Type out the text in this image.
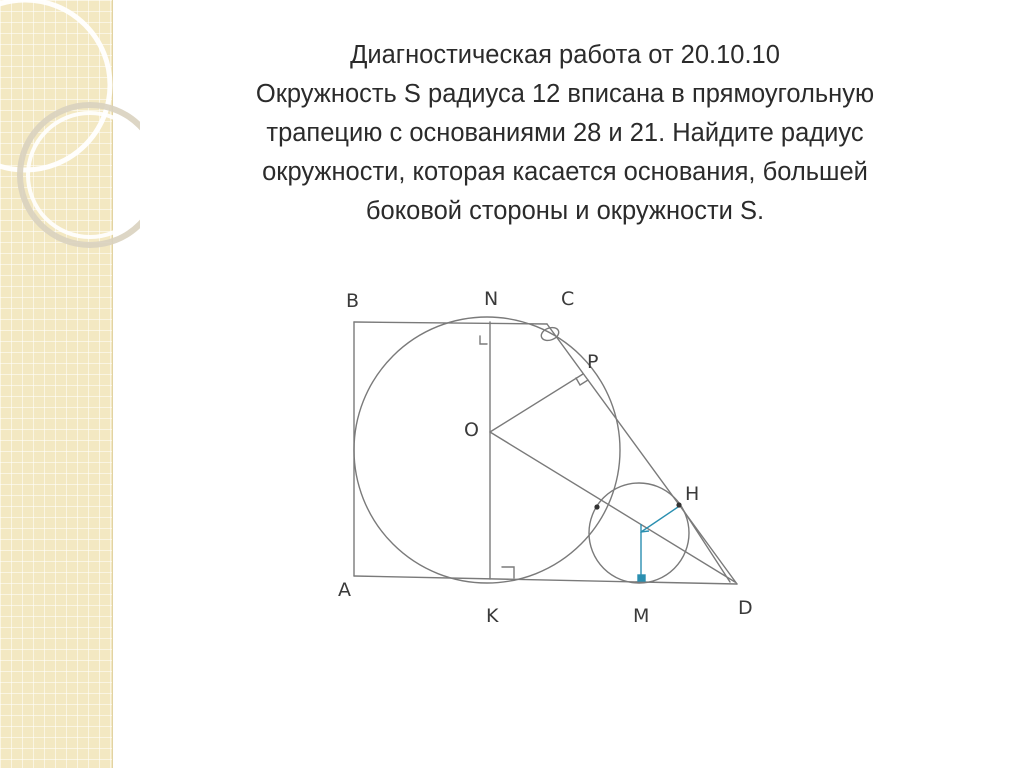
Диагностическая работа от 20.10.10
Окружность S радиуса 12 вписана в прямоугольную
трапецию с основаниями 28 и 21. Найдите радиус
окружности, которая касается основания, большей
боковой стороны и окружности S.
B	N	C
P
O
H
A
K	M	D
